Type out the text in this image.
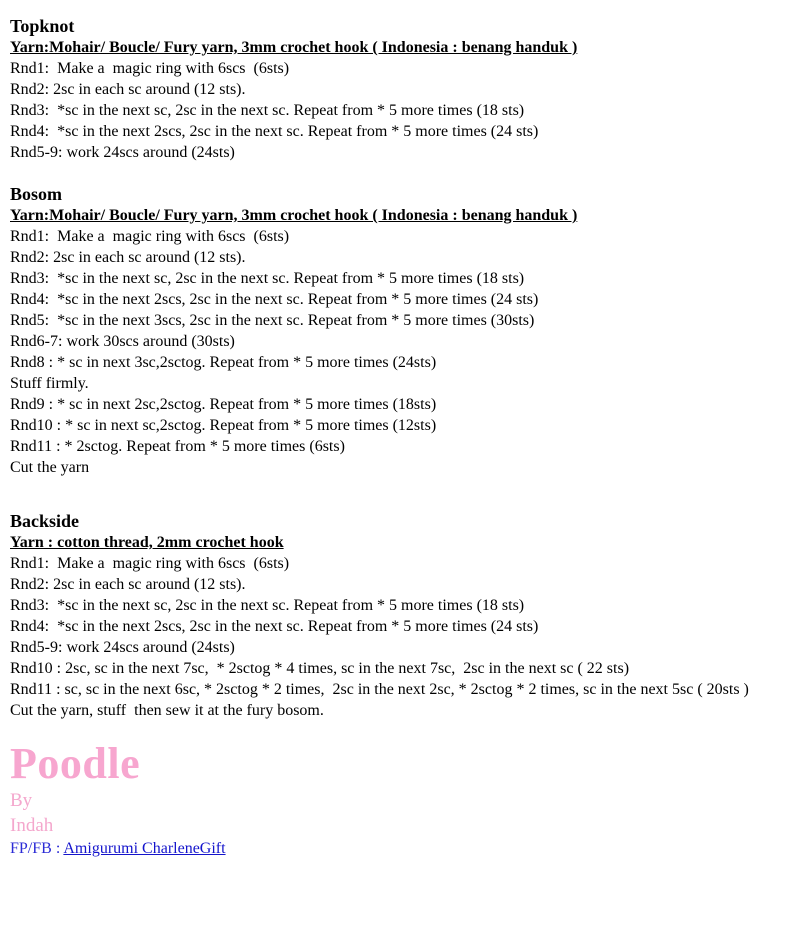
Topknot

Yarn:Mohair/ Boucle/ Fury yarn, 3mm crochet hook ( Indonesia : benang handuk )

Rnd1:  Make a  magic ring with 6scs  (6sts)

Rnd2: 2sc in each sc around (12 sts).

Rnd3:  *sc in the next sc, 2sc in the next sc. Repeat from * 5 more times (18 sts)

Rnd4:  *sc in the next 2scs, 2sc in the next sc. Repeat from * 5 more times (24 sts)

Rnd5-9: work 24scs around (24sts)

Bosom

Yarn:Mohair/ Boucle/ Fury yarn, 3mm crochet hook ( Indonesia : benang handuk )

Rnd1:  Make a  magic ring with 6scs  (6sts)

Rnd2: 2sc in each sc around (12 sts).

Rnd3:  *sc in the next sc, 2sc in the next sc. Repeat from * 5 more times (18 sts)

Rnd4:  *sc in the next 2scs, 2sc in the next sc. Repeat from * 5 more times (24 sts)

Rnd5:  *sc in the next 3scs, 2sc in the next sc. Repeat from * 5 more times (30sts)

Rnd6-7: work 30scs around (30sts)

Rnd8 : * sc in next 3sc,2sctog. Repeat from * 5 more times (24sts)

Stuff firmly.

Rnd9 : * sc in next 2sc,2sctog. Repeat from * 5 more times (18sts)

Rnd10 : * sc in next sc,2sctog. Repeat from * 5 more times (12sts)

Rnd11 : * 2sctog. Repeat from * 5 more times (6sts)

Cut the yarn

Backside

Yarn : cotton thread, 2mm crochet hook

Rnd1:  Make a  magic ring with 6scs  (6sts)

Rnd2: 2sc in each sc around (12 sts).

Rnd3:  *sc in the next sc, 2sc in the next sc. Repeat from * 5 more times (18 sts)

Rnd4:  *sc in the next 2scs, 2sc in the next sc. Repeat from * 5 more times (24 sts)

Rnd5-9: work 24scs around (24sts)

Rnd10 : 2sc, sc in the next 7sc,  * 2sctog * 4 times, sc in the next 7sc,  2sc in the next sc ( 22 sts)

Rnd11 : sc, sc in the next 6sc, * 2sctog * 2 times,  2sc in the next 2sc, * 2sctog * 2 times, sc in the next 5sc ( 20sts )

Cut the yarn, stuff  then sew it at the fury bosom.

Poodle

By

Indah

FP/FB : Amigurumi CharleneGift
